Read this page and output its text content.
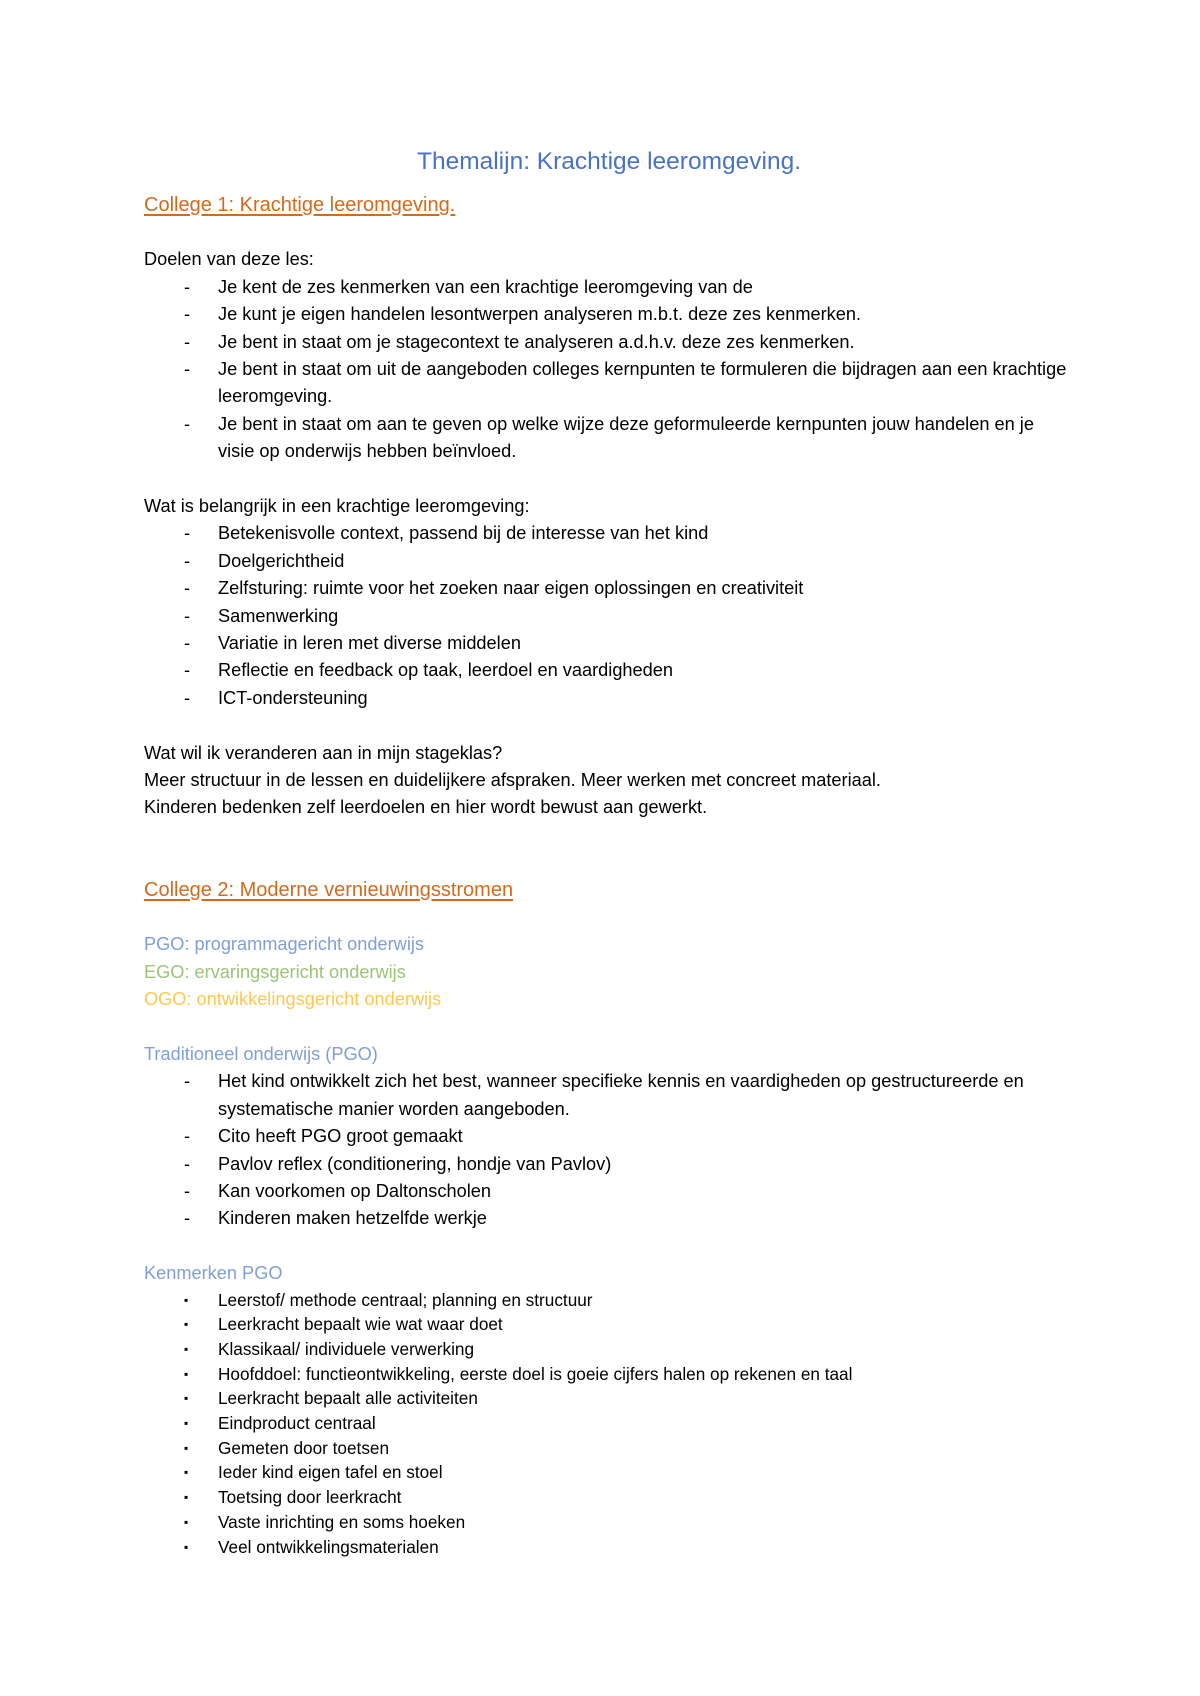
Themalijn: Krachtige leeromgeving.
College 1: Krachtige leeromgeving.

Doelen van deze les:

- Je kent de zes kenmerken van een krachtige leeromgeving van de
- Je kunt je eigen handelen lesontwerpen analyseren m.b.t. deze zes kenmerken.
- Je bent in staat om je stagecontext te analyseren a.d.h.v. deze zes kenmerken.
- Je bent in staat om uit de aangeboden colleges kernpunten te formuleren die bijdragen aan een krachtige leeromgeving.
- Je bent in staat om aan te geven op welke wijze deze geformuleerde kernpunten jouw handelen en je visie op onderwijs hebben beïnvloed.

Wat is belangrijk in een krachtige leeromgeving:

- Betekenisvolle context, passend bij de interesse van het kind
- Doelgerichtheid
- Zelfsturing: ruimte voor het zoeken naar eigen oplossingen en creativiteit
- Samenwerking
- Variatie in leren met diverse middelen
- Reflectie en feedback op taak, leerdoel en vaardigheden
- ICT-ondersteuning

Wat wil ik veranderen aan in mijn stageklas?

Meer structuur in de lessen en duidelijkere afspraken. Meer werken met concreet materiaal.

Kinderen bedenken zelf leerdoelen en hier wordt bewust aan gewerkt.

College 2: Moderne vernieuwingsstromen

PGO: programmagericht onderwijs

EGO: ervaringsgericht onderwijs

OGO: ontwikkelingsgericht onderwijs

Traditioneel onderwijs (PGO)

- Het kind ontwikkelt zich het best, wanneer specifieke kennis en vaardigheden op gestructureerde en systematische manier worden aangeboden.
- Cito heeft PGO groot gemaakt
- Pavlov reflex (conditionering, hondje van Pavlov)
- Kan voorkomen op Daltonscholen
- Kinderen maken hetzelfde werkje

Kenmerken PGO

▪ Leerstof/ methode centraal; planning en structuur
▪ Leerkracht bepaalt wie wat waar doet
▪ Klassikaal/ individuele verwerking
▪ Hoofddoel: functieontwikkeling, eerste doel is goeie cijfers halen op rekenen en taal
▪ Leerkracht bepaalt alle activiteiten
▪ Eindproduct centraal
▪ Gemeten door toetsen
▪ Ieder kind eigen tafel en stoel
▪ Toetsing door leerkracht
▪ Vaste inrichting en soms hoeken
▪ Veel ontwikkelingsmaterialen
